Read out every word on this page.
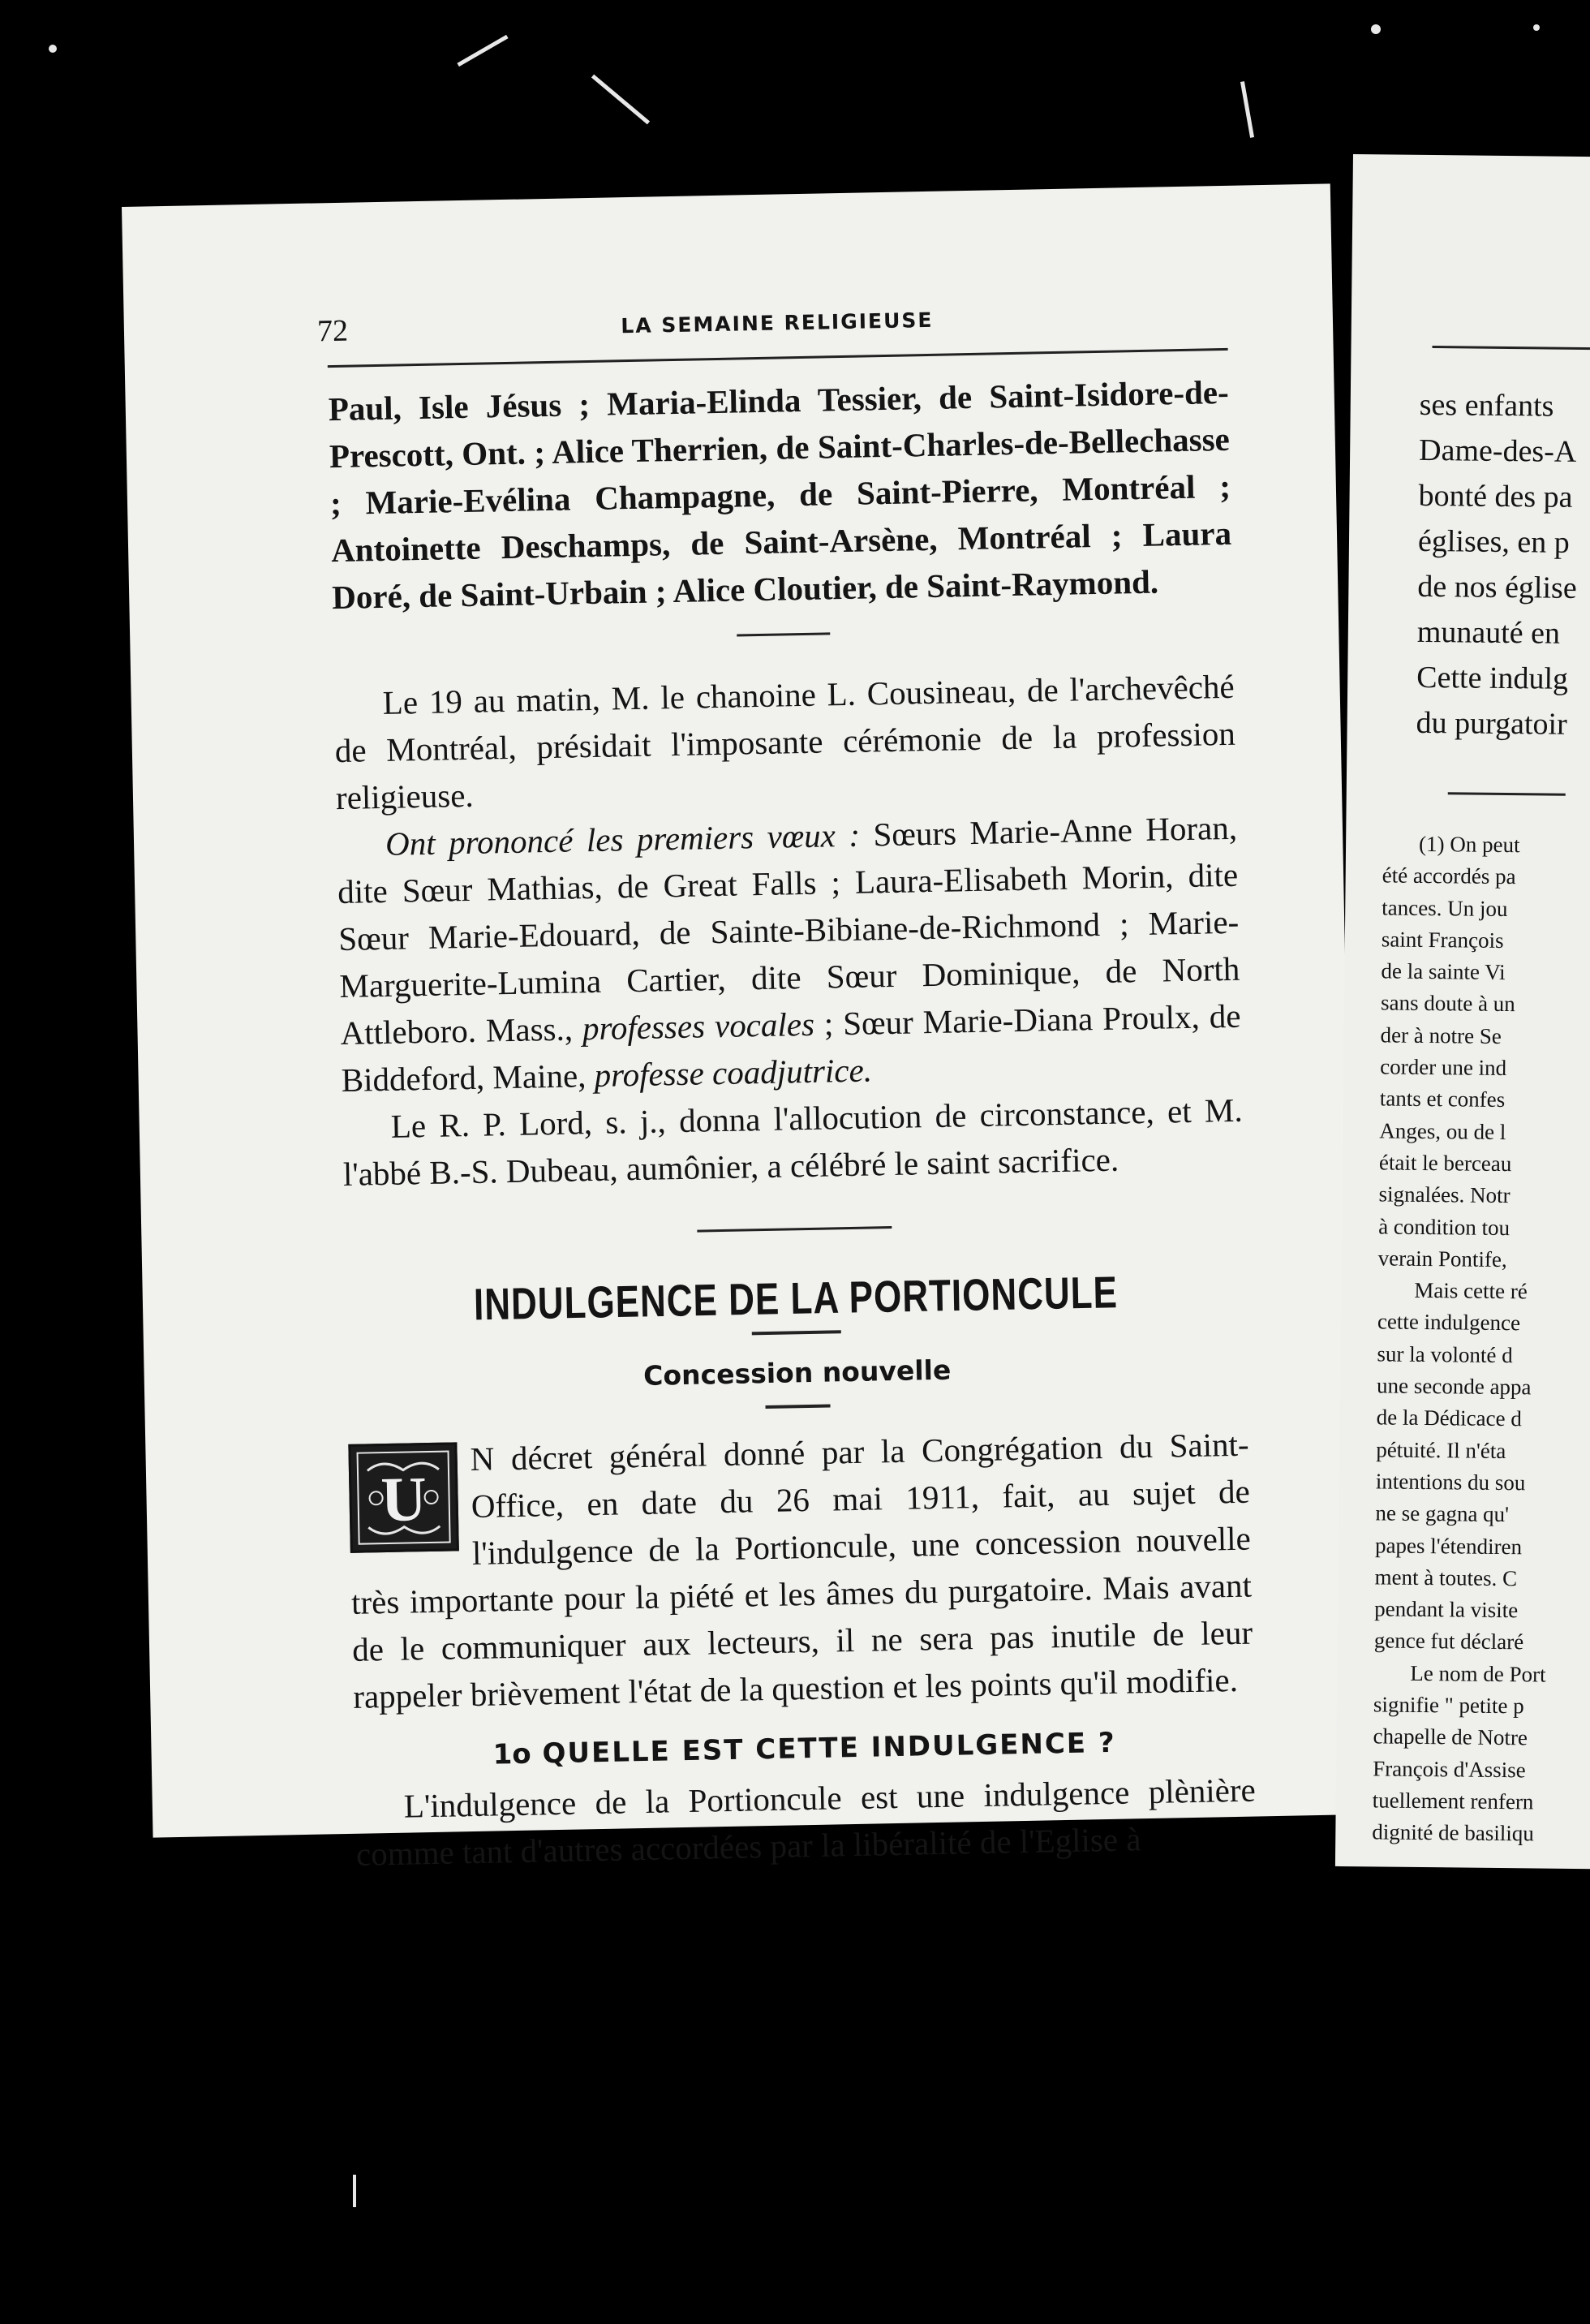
72	LA SEMAINE RELIGIEUSE

Paul, Isle Jésus ; Maria-Elinda Tessier, de Saint-Isidore-de-Prescott, Ont. ; Alice Therrien, de Saint-Charles-de-Bellechasse ; Marie-Evélina Champagne, de Saint-Pierre, Montréal ; Antoinette Deschamps, de Saint-Arsène, Montréal ; Laura Doré, de Saint-Urbain ; Alice Cloutier, de Saint-Raymond.

Le 19 au matin, M. le chanoine L. Cousineau, de l'archevêché de Montréal, présidait l'imposante cérémonie de la profession religieuse.

Ont prononcé les premiers vœux : Sœurs Marie-Anne Horan, dite Sœur Mathias, de Great Falls ; Laura-Elisabeth Morin, dite Sœur Marie-Edouard, de Sainte-Bibiane-de-Richmond ; Marie-Marguerite-Lumina Cartier, dite Sœur Dominique, de North Attleboro. Mass., professes vocales ; Sœur Marie-Diana Proulx, de Biddeford, Maine, professe coadjutrice.

Le R. P. Lord, s. j., donna l'allocution de circonstance, et M. l'abbé B.-S. Dubeau, aumônier, a célébré le saint sacrifice.

INDULGENCE DE LA PORTIONCULE
Concession nouvelle

U
N décret général donné par la Congrégation du Saint-Office, en date du 26 mai 1911, fait, au sujet de l'indulgence de la Portioncule, une concession nouvelle très importante pour la piété et les âmes du purgatoire. Mais avant de le communiquer aux lecteurs, il ne sera pas inutile de leur rappeler brièvement l'état de la question et les points qu'il modifie.

1o QUELLE EST CETTE INDULGENCE ?

L'indulgence de la Portioncule est une indulgence plènière comme tant d'autres accordées par la libéralité de l'Eglise à

ses enfants
Dame-des-A
bonté des pa
églises, en p
de nos église
munauté en
Cette indulg
du purgatoir
(1) On peut
été accordés pa
tances. Un jou
saint François
de la sainte Vi
sans doute à un
der à notre Se
corder une ind
tants et confes
Anges, ou de l
était le berceau
signalées. Notr
à condition tou
verain Pontife,
Mais cette ré
cette indulgence
sur la volonté d
une seconde appa
de la Dédicace d
pétuité. Il n'éta
intentions du sou
ne se gagna qu'
papes l'étendiren
ment à toutes. C
pendant la visite
gence fut déclaré
Le nom de Port
signifie " petite p
chapelle de Notre
François d'Assise
tuellement renfern
dignité de basiliqu
